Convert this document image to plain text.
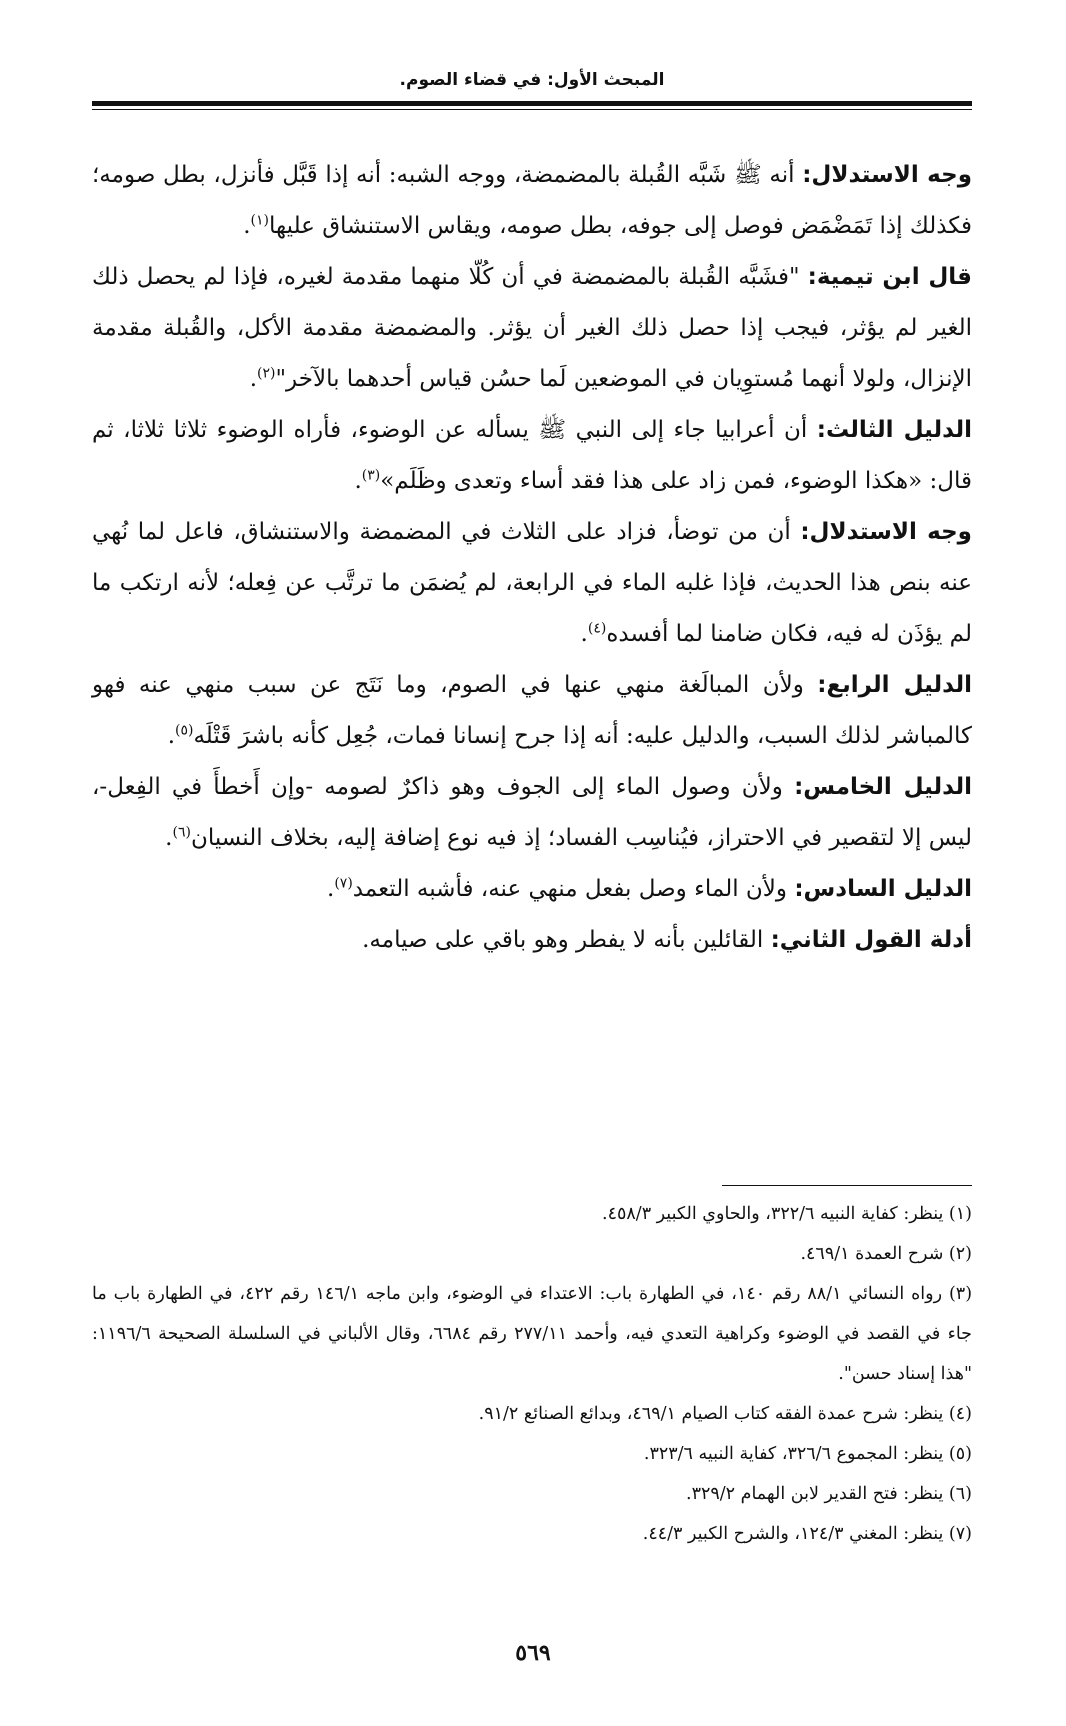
المبحث الأول: في قضاء الصوم.

وجه الاستدلال: أنه ﷺ شَبَّه القُبلة بالمضمضة، ووجه الشبه: أنه إذا قَبَّل فأنزل، بطل صومه؛ فكذلك إذا تَمَضْمَض فوصل إلى جوفه، بطل صومه، ويقاس الاستنشاق عليها$^{(١)}$.

قال ابن تيمية: "فشَبَّه القُبلة بالمضمضة في أن كُلّا منهما مقدمة لغيره، فإذا لم يحصل ذلك الغير لم يؤثر، فيجب إذا حصل ذلك الغير أن يؤثر. والمضمضة مقدمة الأكل، والقُبلة مقدمة الإنزال، ولولا أنهما مُستوِيان في الموضعين لَما حسُن قياس أحدهما بالآخر"$^{(٢)}$.

الدليل الثالث: أن أعرابيا جاء إلى النبي ﷺ يسأله عن الوضوء، فأراه الوضوء ثلاثا ثلاثا، ثم قال: «هكذا الوضوء، فمن زاد على هذا فقد أساء وتعدى وظَلَم»$^{(٣)}$.

وجه الاستدلال: أن من توضأ، فزاد على الثلاث في المضمضة والاستنشاق، فاعل لما نُهي عنه بنص هذا الحديث، فإذا غلبه الماء في الرابعة، لم يُضمَن ما ترتَّب عن فِعله؛ لأنه ارتكب ما لم يؤذَن له فيه، فكان ضامنا لما أفسده$^{(٤)}$.

الدليل الرابع: ولأن المبالَغة منهي عنها في الصوم، وما نَتَج عن سبب منهي عنه فهو كالمباشر لذلك السبب، والدليل عليه: أنه إذا جرح إنسانا فمات، جُعِل كأنه باشرَ قَتْلَه$^{(٥)}$.

الدليل الخامس: ولأن وصول الماء إلى الجوف وهو ذاكرٌ لصومه -وإن أَخطأَ في الفِعل-، ليس إلا لتقصير في الاحتراز، فيُناسِب الفساد؛ إذ فيه نوع إضافة إليه، بخلاف النسيان$^{(٦)}$.

الدليل السادس: ولأن الماء وصل بفعل منهي عنه، فأشبه التعمد$^{(٧)}$.

أدلة القول الثاني: القائلين بأنه لا يفطر وهو باقي على صيامه.

(١) ينظر: كفاية النبيه ٣٢٢/٦، والحاوي الكبير ٤٥٨/٣.

(٢) شرح العمدة ٤٦٩/١.

(٣) رواه النسائي ٨٨/١ رقم ١٤٠، في الطهارة باب: الاعتداء في الوضوء، وابن ماجه ١٤٦/١ رقم ٤٢٢، في الطهارة باب ما جاء في القصد في الوضوء وكراهية التعدي فيه، وأحمد ٢٧٧/١١ رقم ٦٦٨٤، وقال الألباني في السلسلة الصحيحة ١١٩٦/٦: "هذا إسناد حسن".

(٤) ينظر: شرح عمدة الفقه كتاب الصيام ٤٦٩/١، وبدائع الصنائع ٩١/٢.

(٥) ينظر: المجموع ٣٢٦/٦، كفاية النبيه ٣٢٣/٦.

(٦) ينظر: فتح القدير لابن الهمام ٣٢٩/٢.

(٧) ينظر: المغني ١٢٤/٣، والشرح الكبير ٤٤/٣.

٥٦٩
